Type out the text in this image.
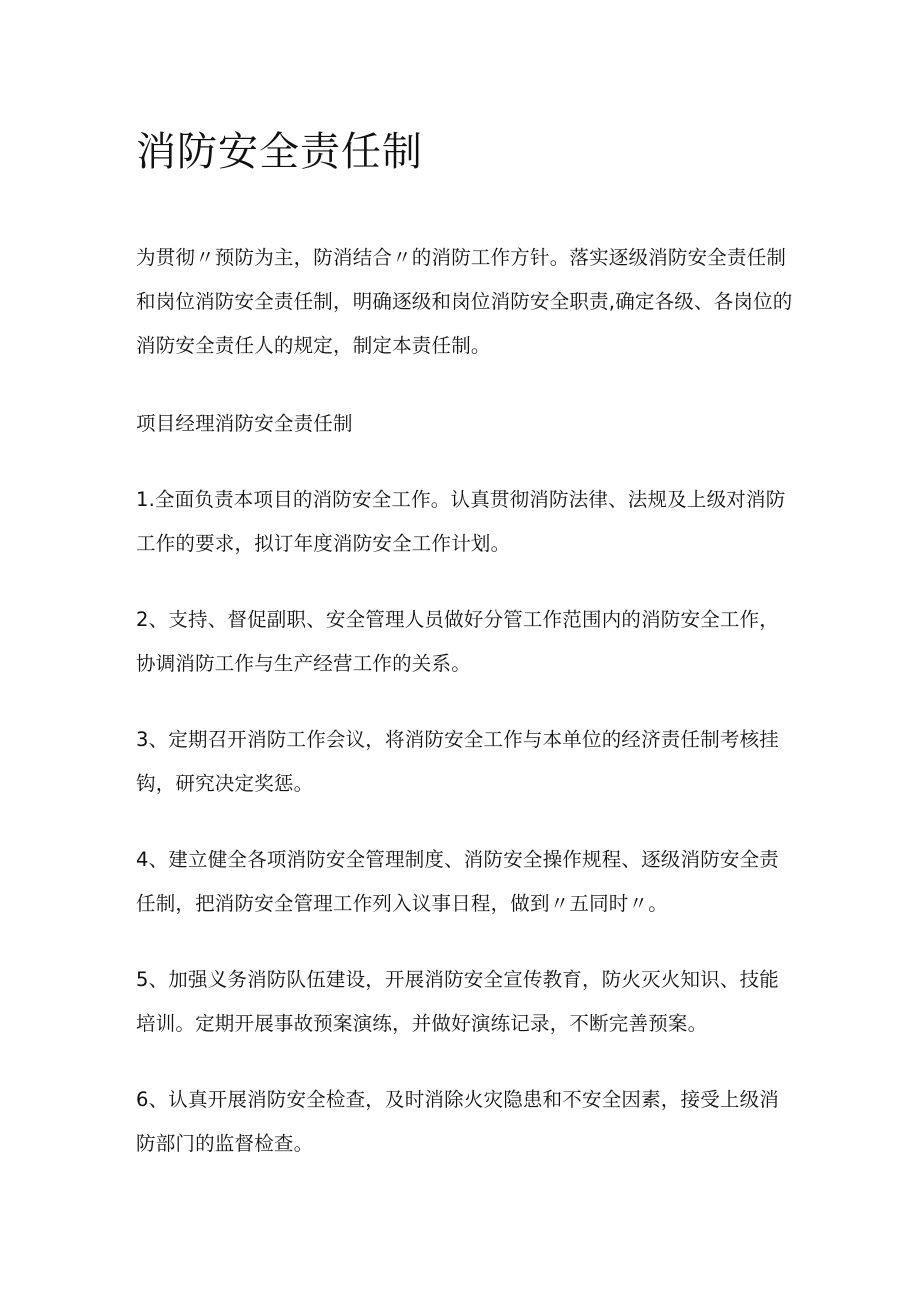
消防安全责任制

为贯彻〃预防为主，防消结合〃的消防工作方针。落实逐级消防安全责任制和岗位消防安全责任制，明确逐级和岗位消防安全职责,确定各级、各岗位的消防安全责任人的规定，制定本责任制。

项目经理消防安全责任制

1.全面负责本项目的消防安全工作。认真贯彻消防法律、法规及上级对消防工作的要求，拟订年度消防安全工作计划。

2、支持、督促副职、安全管理人员做好分管工作范围内的消防安全工作，协调消防工作与生产经营工作的关系。

3、定期召开消防工作会议，将消防安全工作与本单位的经济责任制考核挂钩，研究决定奖惩。

4、建立健全各项消防安全管理制度、消防安全操作规程、逐级消防安全责任制，把消防安全管理工作列入议事日程，做到〃五同时〃。

5、加强义务消防队伍建设，开展消防安全宣传教育，防火灭火知识、技能培训。定期开展事故预案演练，并做好演练记录，不断完善预案。

6、认真开展消防安全检查，及时消除火灾隐患和不安全因素，接受上级消防部门的监督检查。
